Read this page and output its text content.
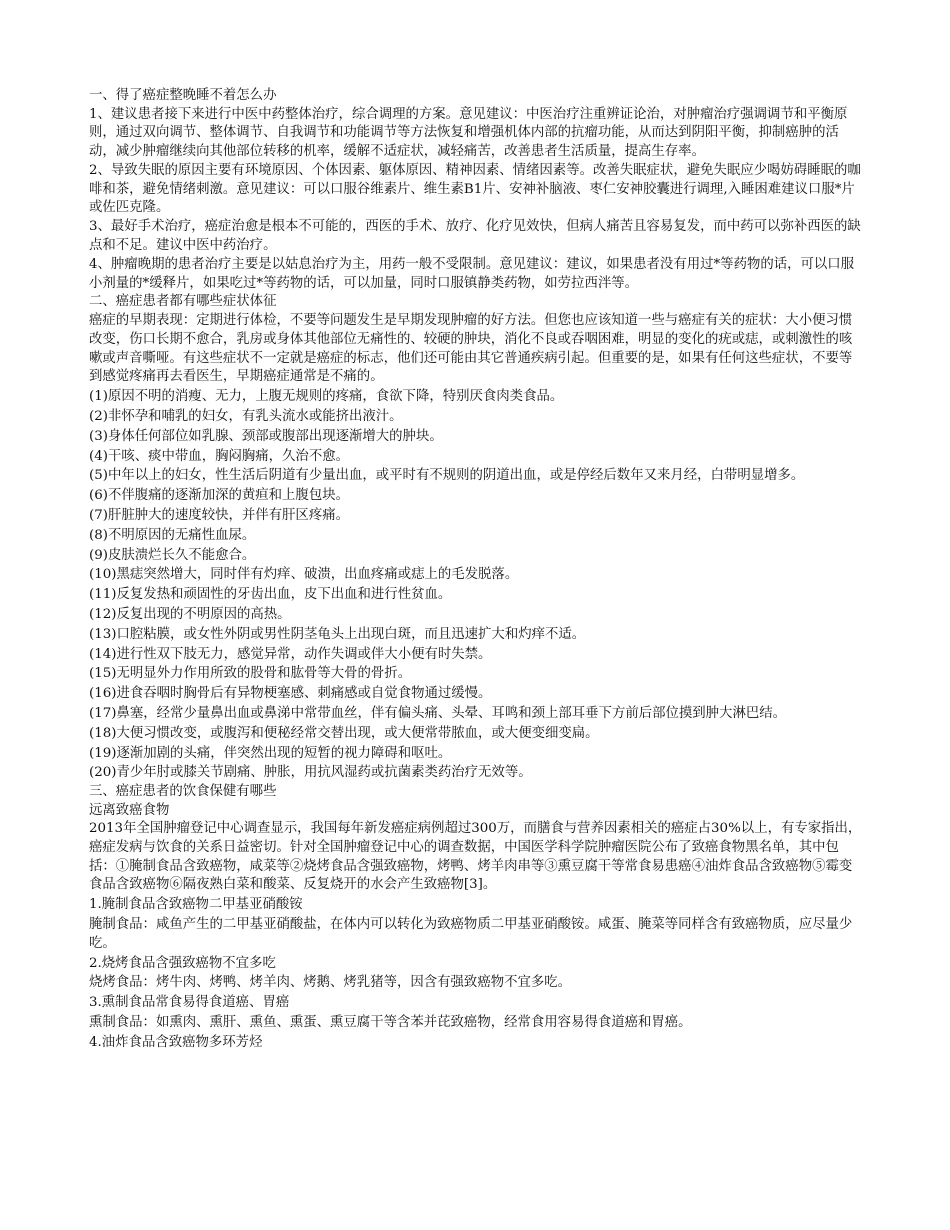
一、得了癌症整晚睡不着怎么办

1、建议患者接下来进行中医中药整体治疗，综合调理的方案。意见建议：中医治疗注重辨证论治，对肿瘤治疗强调调节和平衡原则，通过双向调节、整体调节、自我调节和功能调节等方法恢复和增强机体内部的抗瘤功能，从而达到阴阳平衡，抑制癌肿的活动，减少肿瘤继续向其他部位转移的机率，缓解不适症状，减轻痛苦，改善患者生活质量，提高生存率。

2、导致失眠的原因主要有环境原因、个体因素、躯体原因、精神因素、情绪因素等。改善失眠症状，避免失眠应少喝妨碍睡眠的咖啡和茶，避免情绪刺激。意见建议：可以口服谷维素片、维生素B1片、安神补脑液、枣仁安神胶囊进行调理,入睡困难建议口服*片或佐匹克隆。

3、最好手术治疗，癌症治愈是根本不可能的，西医的手术、放疗、化疗见效快，但病人痛苦且容易复发，而中药可以弥补西医的缺点和不足。建议中医中药治疗。

4、肿瘤晚期的患者治疗主要是以姑息治疗为主，用药一般不受限制。意见建议：建议，如果患者没有用过*等药物的话，可以口服小剂量的*缓释片，如果吃过*等药物的话，可以加量，同时口服镇静类药物，如劳拉西泮等。

二、癌症患者都有哪些症状体征

癌症的早期表现：定期进行体检，不要等问题发生是早期发现肿瘤的好方法。但您也应该知道一些与癌症有关的症状：大小便习惯改变，伤口长期不愈合，乳房或身体其他部位无痛性的、较硬的肿块，消化不良或吞咽困难，明显的变化的疣或痣，或刺激性的咳嗽或声音嘶哑。有这些症状不一定就是癌症的标志，他们还可能由其它普通疾病引起。但重要的是，如果有任何这些症状，不要等到感觉疼痛再去看医生，早期癌症通常是不痛的。

(1)原因不明的消瘦、无力，上腹无规则的疼痛，食欲下降，特别厌食肉类食品。

(2)非怀孕和哺乳的妇女，有乳头流水或能挤出液汁。

(3)身体任何部位如乳腺、颈部或腹部出现逐渐增大的肿块。

(4)干咳、痰中带血，胸闷胸痛，久治不愈。

(5)中年以上的妇女，性生活后阴道有少量出血，或平时有不规则的阴道出血，或是停经后数年又来月经，白带明显增多。

(6)不伴腹痛的逐渐加深的黄疸和上腹包块。

(7)肝脏肿大的速度较快，并伴有肝区疼痛。

(8)不明原因的无痛性血尿。

(9)皮肤溃烂长久不能愈合。

(10)黑痣突然增大，同时伴有灼痒、破溃，出血疼痛或痣上的毛发脱落。

(11)反复发热和顽固性的牙齿出血，皮下出血和进行性贫血。

(12)反复出现的不明原因的高热。

(13)口腔粘膜，或女性外阴或男性阴茎龟头上出现白斑，而且迅速扩大和灼痒不适。

(14)进行性双下肢无力，感觉异常，动作失调或伴大小便有时失禁。

(15)无明显外力作用所致的股骨和肱骨等大骨的骨折。

(16)进食吞咽时胸骨后有异物梗塞感、刺痛感或自觉食物通过缓慢。

(17)鼻塞，经常少量鼻出血或鼻涕中常带血丝，伴有偏头痛、头晕、耳鸣和颈上部耳垂下方前后部位摸到肿大淋巴结。

(18)大便习惯改变，或腹泻和便秘经常交替出现，或大便常带脓血，或大便变细变扁。

(19)逐渐加剧的头痛，伴突然出现的短暂的视力障碍和呕吐。

(20)青少年肘或膝关节剧痛、肿胀，用抗风湿药或抗菌素类药治疗无效等。

三、癌症患者的饮食保健有哪些

远离致癌食物

2013年全国肿瘤登记中心调查显示，我国每年新发癌症病例超过300万，而膳食与营养因素相关的癌症占30%以上，有专家指出，癌症发病与饮食的关系日益密切。针对全国肿瘤登记中心的调查数据，中国医学科学院肿瘤医院公布了致癌食物黑名单，其中包括：①腌制食品含致癌物，咸菜等②烧烤食品含强致癌物，烤鸭、烤羊肉串等③熏豆腐干等常食易患癌④油炸食品含致癌物⑤霉变食品含致癌物⑥隔夜熟白菜和酸菜、反复烧开的水会产生致癌物[3]。

1.腌制食品含致癌物二甲基亚硝酸铵

腌制食品：咸鱼产生的二甲基亚硝酸盐，在体内可以转化为致癌物质二甲基亚硝酸铵。咸蛋、腌菜等同样含有致癌物质，应尽量少吃。

2.烧烤食品含强致癌物不宜多吃

烧烤食品：烤牛肉、烤鸭、烤羊肉、烤鹅、烤乳猪等，因含有强致癌物不宜多吃。

3.熏制食品常食易得食道癌、胃癌

熏制食品：如熏肉、熏肝、熏鱼、熏蛋、熏豆腐干等含苯并芘致癌物，经常食用容易得食道癌和胃癌。

4.油炸食品含致癌物多环芳烃
